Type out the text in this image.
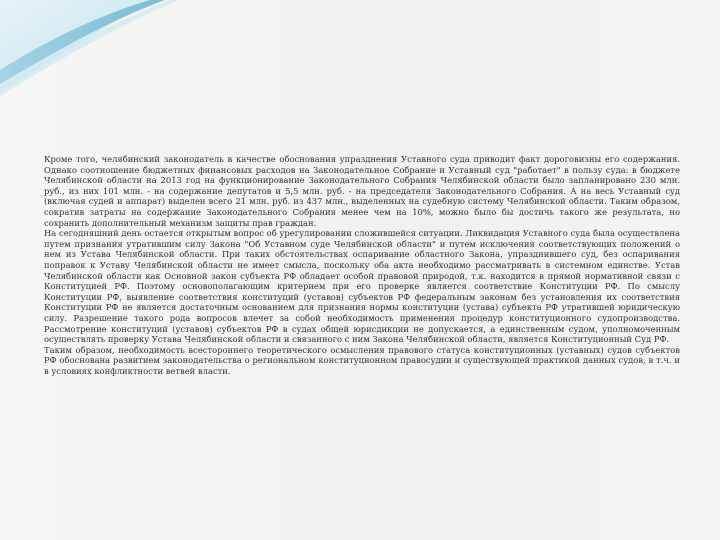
Кроме того, челябинский законодатель в качестве обоснования упразднения Уставного суда приводит факт дороговизны его содержания. Однако соотношение бюджетных финансовых расходов на Законодательное Собрание и Уставный суд "работает" в пользу суда: в бюджете Челябинской области на 2013 год на функционирование Законодательного Собрания Челябинской области было запланировано 230 млн. руб., из них 101 млн. - на содержание депутатов и 5,5 млн. руб. - на председателя Законодательного Собрания. А на весь Уставный суд (включая судей и аппарат) выделен всего 21 млн. руб. из 437 млн., выделенных на судебную систему Челябинской области. Таким образом, сократив затраты на содержание Законодательного Собрания менее чем на 10%, можно было бы достичь такого же результата, но сохранить дополнительный механизм защиты прав граждан.

На сегодняшний день остается открытым вопрос об урегулировании сложившейся ситуации. Ликвидация Уставного суда была осуществлена путем признания утратившим силу Закона "Об Уставном суде Челябинской области" и путем исключения соответствующих положений о нем из Устава Челябинской области. При таких обстоятельствах оспаривание областного Закона, упразднившего суд, без оспаривания поправок к Уставу Челябинской области не имеет смысла, поскольку оба акта необходимо рассматривать в системном единстве. Устав Челябинской области как Основной закон субъекта РФ обладает особой правовой природой, т.к. находится в прямой нормативной связи с Конституцией РФ. Поэтому основополагающим критерием при его проверке является соответствие Конституции РФ. По смыслу Конституции РФ, выявление соответствия конституций (уставов) субъектов РФ федеральным законам без установления их соответствия Конституции РФ не является достаточным основанием для признания нормы конституции (устава) субъекта РФ утратившей юридическую силу. Разрешение такого рода вопросов влечет за собой необходимость применения процедур конституционного судопроизводства. Рассмотрение конституций (уставов) субъектов РФ в судах общей юрисдикции не допускается, а единственным судом, уполномоченным осуществлять проверку Устава Челябинской области и связанного с ним Закона Челябинской области, является Конституционный Суд РФ.

Таким образом, необходимость всестороннего теоретического осмысления правового статуса конституционных (уставных) судов субъектов РФ обоснована развитием законодательства о региональном конституционном правосудии и существующей практикой данных судов, в т.ч. и в условиях конфликтности ветвей власти.
